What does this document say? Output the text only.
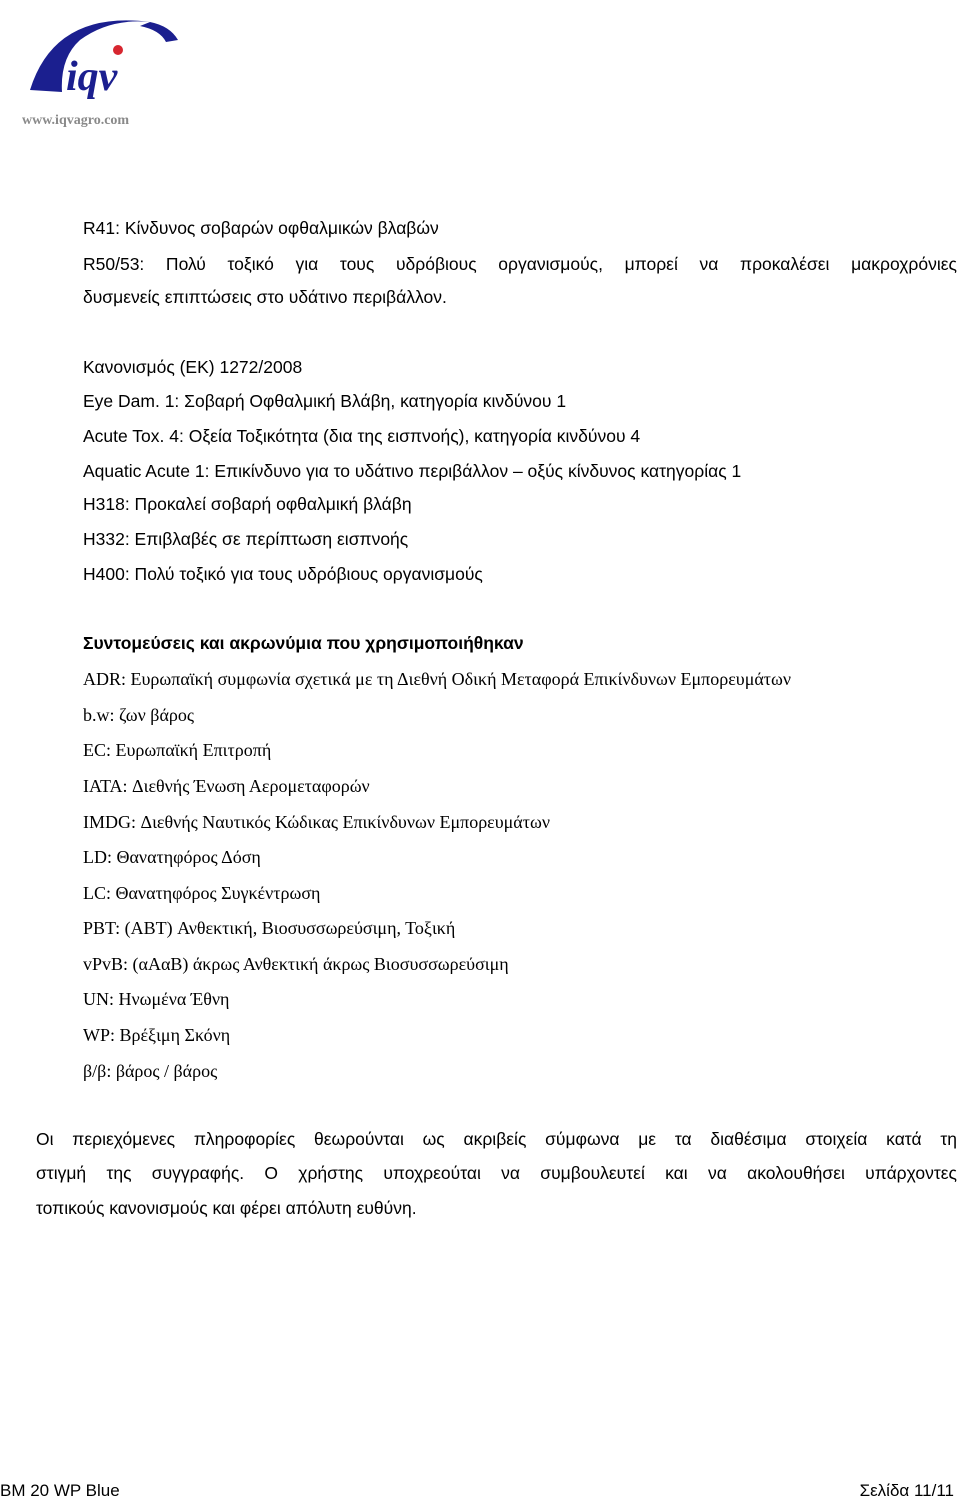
iqv
www.iqvagro.com
R41: Κίνδυνος σοβαρών οφθαλμικών βλαβών
R50/53: Πολύ τοξικό για τους υδρόβιους οργανισμούς, μπορεί να προκαλέσει μακροχρόνιες
δυσμενείς επιπτώσεις στο υδάτινο περιβάλλον.
Κανονισμός (ΕΚ) 1272/2008
Eye Dam. 1: Σοβαρή Οφθαλμική Βλάβη, κατηγορία κινδύνου 1
Acute Tox. 4: Οξεία Τοξικότητα (δια της εισπνοής), κατηγορία κινδύνου 4
Aquatic Acute 1: Επικίνδυνο για το υδάτινο περιβάλλον – οξύς κίνδυνος κατηγορίας 1
H318: Προκαλεί σοβαρή οφθαλμική βλάβη
H332: Επιβλαβές σε περίπτωση εισπνοής
H400: Πολύ τοξικό για τους υδρόβιους οργανισμούς
Συντομεύσεις και ακρωνύμια που χρησιμοποιήθηκαν
ADR: Ευρωπαϊκή συμφωνία σχετικά με τη Διεθνή Οδική Μεταφορά Επικίνδυνων Εμπορευμάτων
b.w: ζων βάρος
EC: Ευρωπαϊκή Επιτροπή
IATA: Διεθνής Ένωση Αερομεταφορών
IMDG: Διεθνής Ναυτικός Κώδικας Επικίνδυνων Εμπορευμάτων
LD: Θανατηφόρος Δόση
LC: Θανατηφόρος Συγκέντρωση
PBT: (ΑΒΤ) Ανθεκτική, Βιοσυσσωρεύσιμη, Τοξική
vPvB: (αΑαΒ) άκρως Ανθεκτική άκρως Βιοσυσσωρεύσιμη
UN: Ηνωμένα Έθνη
WP: Βρέξιμη Σκόνη
β/β: βάρος / βάρος
Οι περιεχόμενες πληροφορίες θεωρούνται ως ακριβείς σύμφωνα με τα διαθέσιμα στοιχεία κατά τη
στιγμή της συγγραφής. Ο χρήστης υποχρεούται να συμβουλευτεί και να ακολουθήσει υπάρχοντες
τοπικούς κανονισμούς και φέρει απόλυτη ευθύνη.
BM 20 WP Blue	Σελίδα 11/11
